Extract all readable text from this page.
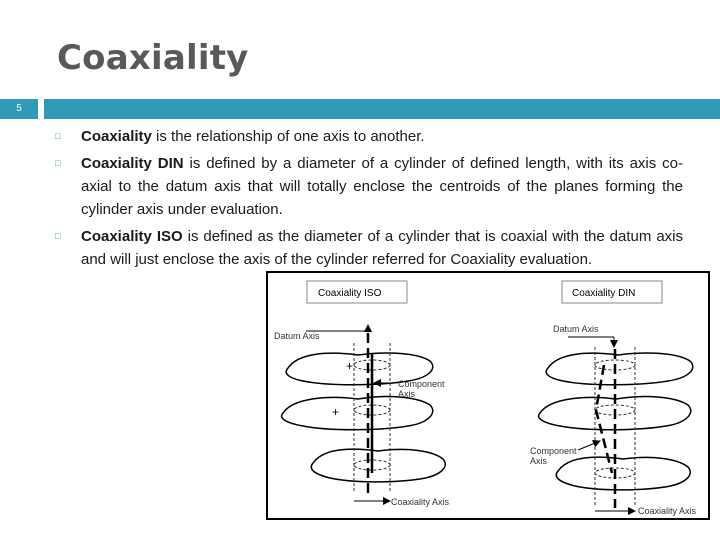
Coaxiality
5
□	Coaxiality is the relationship of one axis to another.
□	Coaxiality DIN is defined by a diameter of a cylinder of defined length, with its axis co-axial to the datum axis that will totally enclose the centroids of the planes forming the cylinder axis under evaluation.
□	Coaxiality ISO is defined as the diameter of a cylinder that is coaxial with the datum axis and will just enclose the axis of the cylinder referred for Coaxiality evaluation.
Coaxiality ISO
Datum Axis
+
+
Component
Axis
Coaxiality Axis
Coaxiality DIN
Datum Axis
Component
Axis
Coaxiality Axis
